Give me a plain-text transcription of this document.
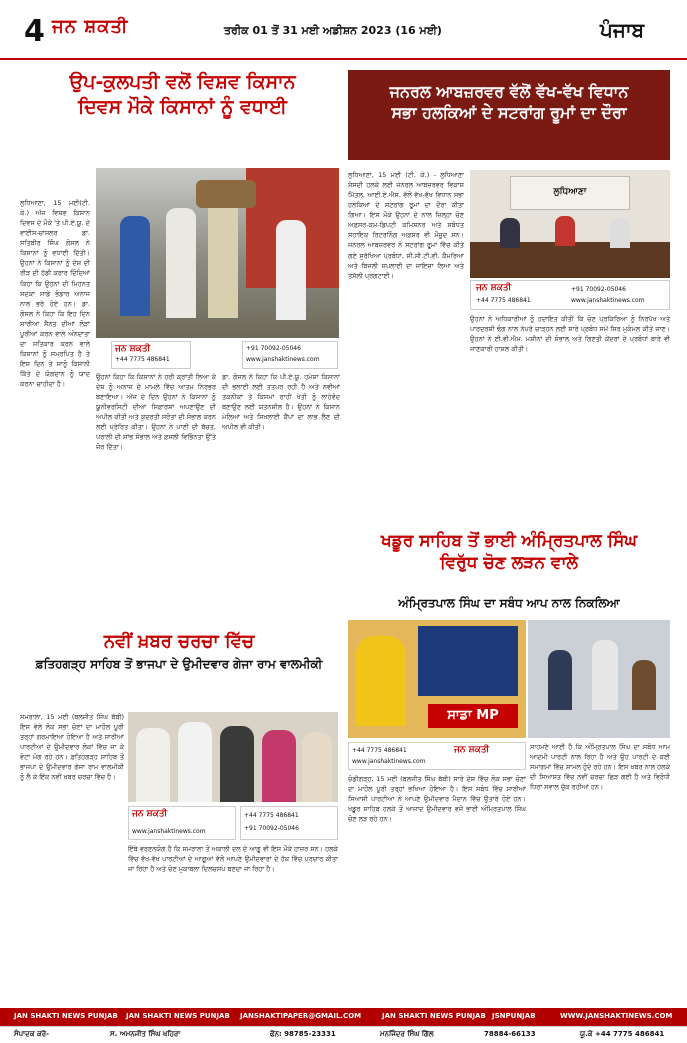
4 ਜਨ ਸ਼ਕਤੀ	ਤਰੀਕ 01 ਤੋਂ 31 ਮਈ ਅਡੀਸ਼ਨ 2023 (16 ਮਈ)	ਪੰਜਾਬ
ਉਪ-ਕੁਲਪਤੀ ਵਲੋਂ ਵਿਸ਼ਵ ਕਿਸਾਨ
ਦਿਵਸ ਮੌਕੇ ਕਿਸਾਨਾਂ ਨੂੰ ਵਧਾਈ
ਲੁਧਿਆਣਾ, 15 ਮਈ(ਟੀ. ਕੇ.) ਅੱਜ ਵਿਸ਼ਵ ਕਿਸਾਨ ਦਿਵਸ ਦੇ ਮੌਕੇ 'ਤੇ ਪੀ.ਏ.ਯੂ. ਦੇ ਵਾਈਸ-ਚਾਂਸਲਰ ਡਾ. ਸਤਿਬੀਰ ਸਿੰਘ ਗੋਸਲ ਨੇ ਕਿਸਾਨਾਂ ਨੂੰ ਵਧਾਈ ਦਿੱਤੀ। ਉਹਨਾਂ ਨੇ ਕਿਸਾਨਾਂ ਨੂੰ ਦੇਸ਼ ਦੀ ਰੀੜ ਦੀ ਹੱਡੀ ਕਰਾਰ ਦਿੰਦਿਆਂ ਕਿਹਾ ਕਿ ਉਹਨਾਂ ਦੀ ਮਿਹਨਤ ਸਦਕਾ ਸਾਡੇ ਭੰਡਾਰ ਅਨਾਜ ਨਾਲ ਭਰੇ ਹੋਏ ਹਨ। ਡਾ. ਗੋਸਲ ਨੇ ਕਿਹਾ ਕਿ ਇਹ ਦਿਨ ਸਾਰੀਆਂ ਸੈਨਤ ਦੀਆਂ ਲੋੜਾਂ ਪੂਰੀਆਂ ਕਰਨ ਵਾਲੇ ਅੰਨਦਾਤਾ ਦਾ ਸਤਿਕਾਰ ਕਰਨ ਵਾਲੇ ਕਿਸਾਨਾਂ ਨੂੰ ਸਮਰਪਿਤ ਹੈ ਤੇ ਇਸ ਦਿਨ ਤੇ ਸਾਨੂੰ ਕਿਸਾਨੀ ਕਿੱਤੇ ਦੇ ਯੋਗਦਾਨ ਨੂੰ ਯਾਦ ਕਰਨਾ ਚਾਹੀਦਾ ਹੈ।
ਜਨ ਸ਼ਕਤੀ
+44 7775 486841
+91 70092-05046
www.janshaktinews.com
ਉਹਨਾਂ ਕਿਹਾ ਕਿ ਕਿਸਾਨਾਂ ਨੇ ਹਰੀ ਕ੍ਰਾਂਤੀ ਲਿਆ ਕੇ ਦੇਸ਼ ਨੂੰ ਅਨਾਜ ਦੇ ਮਾਮਲੇ ਵਿੱਚ ਆਤਮ ਨਿਰਭਰ ਬਣਾਇਆ। ਅੱਜ ਦੇ ਦਿਨ ਉਹਨਾਂ ਨੇ ਕਿਸਾਨਾਂ ਨੂੰ ਯੂਨੀਵਰਸਿਟੀ ਦੀਆਂ ਸਿਫ਼ਾਰਸ਼ਾਂ ਅਪਣਾਉਣ ਦੀ ਅਪੀਲ ਕੀਤੀ ਅਤੇ ਕੁਦਰਤੀ ਸਰੋਤਾਂ ਦੀ ਸੰਭਾਲ ਕਰਨ ਲਈ ਪ੍ਰੇਰਿਤ ਕੀਤਾ। ਉਹਨਾਂ ਨੇ ਪਾਣੀ ਦੀ ਬੱਚਤ, ਪਰਾਲੀ ਦੀ ਸਾਂਭ ਸੰਭਾਲ ਅਤੇ ਫ਼ਸਲੀ ਵਿਭਿੰਨਤਾ ਉੱਤੇ ਜ਼ੋਰ ਦਿੱਤਾ।
ਡਾ. ਗੋਸਲ ਨੇ ਕਿਹਾ ਕਿ ਪੀ.ਏ.ਯੂ. ਹਮੇਸ਼ਾ ਕਿਸਾਨਾਂ ਦੀ ਭਲਾਈ ਲਈ ਤਤਪਰ ਰਹੀ ਹੈ ਅਤੇ ਨਵੀਆਂ ਤਕਨੀਕਾਂ ਤੇ ਕਿਸਮਾਂ ਰਾਹੀਂ ਖੇਤੀ ਨੂੰ ਲਾਹੇਵੰਦ ਬਣਾਉਣ ਲਈ ਯਤਨਸ਼ੀਲ ਹੈ। ਉਹਨਾਂ ਨੇ ਕਿਸਾਨ ਮੇਲਿਆਂ ਅਤੇ ਸਿਖਲਾਈ ਕੈਂਪਾਂ ਦਾ ਲਾਭ ਲੈਣ ਦੀ ਅਪੀਲ ਵੀ ਕੀਤੀ।
ਜਨਰਲ ਆਬਜ਼ਰਵਰ ਵੱਲੋਂ ਵੱਖ-ਵੱਖ ਵਿਧਾਨ
ਸਭਾ ਹਲਕਿਆਂ ਦੇ ਸਟਰਾਂਗ ਰੂਮਾਂ ਦਾ ਦੌਰਾ
ਲੁਧਿਆਣਾ, 15 ਮਈ (ਟੀ. ਕੇ.) - ਲੁਧਿਆਣਾ ਸੰਸਦੀ ਹਲਕੇ ਲਈ ਜਨਰਲ ਆਬਜ਼ਰਵਰ ਵਿਕਾਸ ਮਿੱਤਲ, ਆਈ.ਏ.ਐਸ. ਵੱਲੋਂ ਵੱਖ-ਵੱਖ ਵਿਧਾਨ ਸਭਾ ਹਲਕਿਆਂ ਦੇ ਸਟਰਾਂਗ ਰੂਮਾਂ ਦਾ ਦੌਰਾ ਕੀਤਾ ਗਿਆ। ਇਸ ਮੌਕੇ ਉਹਨਾਂ ਦੇ ਨਾਲ ਜ਼ਿਲ੍ਹਾ ਚੋਣ ਅਫ਼ਸਰ-ਕਮ-ਡਿਪਟੀ ਕਮਿਸ਼ਨਰ ਅਤੇ ਸਬੰਧਤ ਸਹਾਇਕ ਰਿਟਰਨਿੰਗ ਅਫ਼ਸਰ ਵੀ ਮੌਜੂਦ ਸਨ। ਜਨਰਲ ਆਬਜ਼ਰਵਰ ਨੇ ਸਟਰਾਂਗ ਰੂਮਾਂ ਵਿੱਚ ਕੀਤੇ ਗਏ ਸੁਰੱਖਿਆ ਪ੍ਰਬੰਧਾਂ, ਸੀ.ਸੀ.ਟੀ.ਵੀ. ਕੈਮਰਿਆਂ ਅਤੇ ਬਿਜਲੀ ਸਪਲਾਈ ਦਾ ਜਾਇਜ਼ਾ ਲਿਆ ਅਤੇ ਤਸੱਲੀ ਪ੍ਰਗਟਾਈ।
ਲੁਧਿਆਣਾ
ਜਨ ਸ਼ਕਤੀ
+44 7775 486841
+91 70092-05046
www.janshaktinews.com
ਉਹਨਾਂ ਨੇ ਅਧਿਕਾਰੀਆਂ ਨੂੰ ਹਦਾਇਤ ਕੀਤੀ ਕਿ ਚੋਣ ਪ੍ਰਕਿਰਿਆ ਨੂੰ ਨਿਰਪੱਖ ਅਤੇ ਪਾਰਦਰਸ਼ੀ ਢੰਗ ਨਾਲ ਨੇਪਰੇ ਚਾੜ੍ਹਨ ਲਈ ਸਾਰੇ ਪ੍ਰਬੰਧ ਸਮੇਂ ਸਿਰ ਮੁਕੰਮਲ ਕੀਤੇ ਜਾਣ। ਉਹਨਾਂ ਨੇ ਈ.ਵੀ.ਐਮ. ਮਸ਼ੀਨਾਂ ਦੀ ਸੰਭਾਲ ਅਤੇ ਗਿਣਤੀ ਕੇਂਦਰਾਂ ਦੇ ਪ੍ਰਬੰਧਾਂ ਬਾਰੇ ਵੀ ਜਾਣਕਾਰੀ ਹਾਸਲ ਕੀਤੀ।
ਖਡੂਰ ਸਾਹਿਬ ਤੋਂ ਭਾਈ ਅੰਮ੍ਰਿਤਪਾਲ ਸਿੰਘ
ਵਿਰੁੱਧ ਚੋਣ ਲੜਨ ਵਾਲੇ
ਅੰਮ੍ਰਿਤਪਾਲ ਸਿੰਘ ਦਾ ਸਬੰਧ ਆਪ ਨਾਲ ਨਿਕਲਿਆ
ਸਾਡਾ MP
ਜਨ ਸ਼ਕਤੀ
+44 7775 486841
www.janshaktinews.com
ਚੰਡੀਗੜ੍ਹ, 15 ਮਈ (ਬਲਜੀਤ ਸਿੰਘ ਬੱਬੀ) ਸਾਰੇ ਦੇਸ਼ ਵਿੱਚ ਲੋਕ ਸਭਾ ਚੋਣਾਂ ਦਾ ਮਾਹੌਲ ਪੂਰੀ ਤਰ੍ਹਾਂ ਭਖਿਆ ਹੋਇਆ ਹੈ। ਇਸ ਸਬੰਧ ਵਿੱਚ ਸਾਰੀਆਂ ਸਿਆਸੀ ਪਾਰਟੀਆਂ ਨੇ ਆਪਣੇ ਉਮੀਦਵਾਰ ਮੈਦਾਨ ਵਿੱਚ ਉਤਾਰੇ ਹੋਏ ਹਨ। ਖਡੂਰ ਸਾਹਿਬ ਹਲਕੇ ਤੋਂ ਆਜ਼ਾਦ ਉਮੀਦਵਾਰ ਵਜੋਂ ਭਾਈ ਅੰਮ੍ਰਿਤਪਾਲ ਸਿੰਘ ਚੋਣ ਲੜ ਰਹੇ ਹਨ।
ਸਾਹਮਣੇ ਆਈ ਹੈ ਕਿ ਅੰਮ੍ਰਿਤਪਾਲ ਸਿੰਘ ਦਾ ਸਬੰਧ ਆਮ ਆਦਮੀ ਪਾਰਟੀ ਨਾਲ ਰਿਹਾ ਹੈ ਅਤੇ ਉਹ ਪਾਰਟੀ ਦੇ ਕਈ ਸਮਾਗਮਾਂ ਵਿੱਚ ਸ਼ਾਮਲ ਹੁੰਦੇ ਰਹੇ ਹਨ। ਇਸ ਖ਼ਬਰ ਨਾਲ ਹਲਕੇ ਦੀ ਸਿਆਸਤ ਵਿੱਚ ਨਵੀਂ ਚਰਚਾ ਛਿੜ ਗਈ ਹੈ ਅਤੇ ਵਿਰੋਧੀ ਧਿਰਾਂ ਸਵਾਲ ਚੁੱਕ ਰਹੀਆਂ ਹਨ।
ਨਵੀਂ ਖ਼ਬਰ ਚਰਚਾ ਵਿੱਚ
ਫ਼ਤਿਹਗੜ੍ਹ ਸਾਹਿਬ ਤੋਂ ਭਾਜਪਾ ਦੇ ਉਮੀਦਵਾਰ ਗੇਜਾ ਰਾਮ ਵਾਲਮੀਕੀ
ਸਮਰਾਲਾ, 15 ਮਈ (ਬਲਜੀਤ ਸਿੰਘ ਬੱਬੀ) ਇਸ ਵੇਲੇ ਲੋਕ ਸਭਾ ਚੋਣਾਂ ਦਾ ਮਾਹੌਲ ਪੂਰੀ ਤਰ੍ਹਾਂ ਗਰਮਾਇਆ ਹੋਇਆ ਹੈ ਅਤੇ ਸਾਰੀਆਂ ਪਾਰਟੀਆਂ ਦੇ ਉਮੀਦਵਾਰ ਲੋਕਾਂ ਵਿੱਚ ਜਾ ਕੇ ਵੋਟਾਂ ਮੰਗ ਰਹੇ ਹਨ। ਫ਼ਤਿਹਗੜ੍ਹ ਸਾਹਿਬ ਤੋਂ ਭਾਜਪਾ ਦੇ ਉਮੀਦਵਾਰ ਗੇਜਾ ਰਾਮ ਵਾਲਮੀਕੀ ਨੂੰ ਲੈ ਕੇ ਇੱਕ ਨਵੀਂ ਖ਼ਬਰ ਚਰਚਾ ਵਿੱਚ ਹੈ।
ਜਨ ਸ਼ਕਤੀ
www.janshaktinews.com
+44 7775 486841
+91 70092-05046
ਇੱਥੇ ਵਰਣਨਯੋਗ ਹੈ ਕਿ ਸਮਰਾਲਾ ਤੋਂ ਅਕਾਲੀ ਦਲ ਦੇ ਆਗੂ ਵੀ ਇਸ ਮੌਕੇ ਹਾਜ਼ਰ ਸਨ। ਹਲਕੇ ਵਿੱਚ ਵੱਖ-ਵੱਖ ਪਾਰਟੀਆਂ ਦੇ ਆਗੂਆਂ ਵੱਲੋਂ ਆਪਣੇ ਉਮੀਦਵਾਰਾਂ ਦੇ ਹੱਕ ਵਿੱਚ ਪ੍ਰਚਾਰ ਕੀਤਾ ਜਾ ਰਿਹਾ ਹੈ ਅਤੇ ਚੋਣ ਮੁਕਾਬਲਾ ਦਿਲਚਸਪ ਬਣਦਾ ਜਾ ਰਿਹਾ ਹੈ।
JAN SHAKTI NEWS PUNJAB JAN SHAKTI NEWS PUNJAB JANSHAKTIPAPER@GMAIL.COM	JAN SHAKTI NEWS PUNJAB JSNPUNJAB	WWW.JANSHAKTINEWS.COM
ਸੰਪਾਦਕ ਕਰੋ-	ਸ. ਅਮਨਜੀਤ ਸਿੰਘ ਖਹਿਰਾ	ਫੋਨ: 98785-23331	ਮਨਜਿੰਦਰ ਸਿੰਘ ਗਿੱਲ	78884-66133	ਯੂ.ਕੇ +44 7775 486841
